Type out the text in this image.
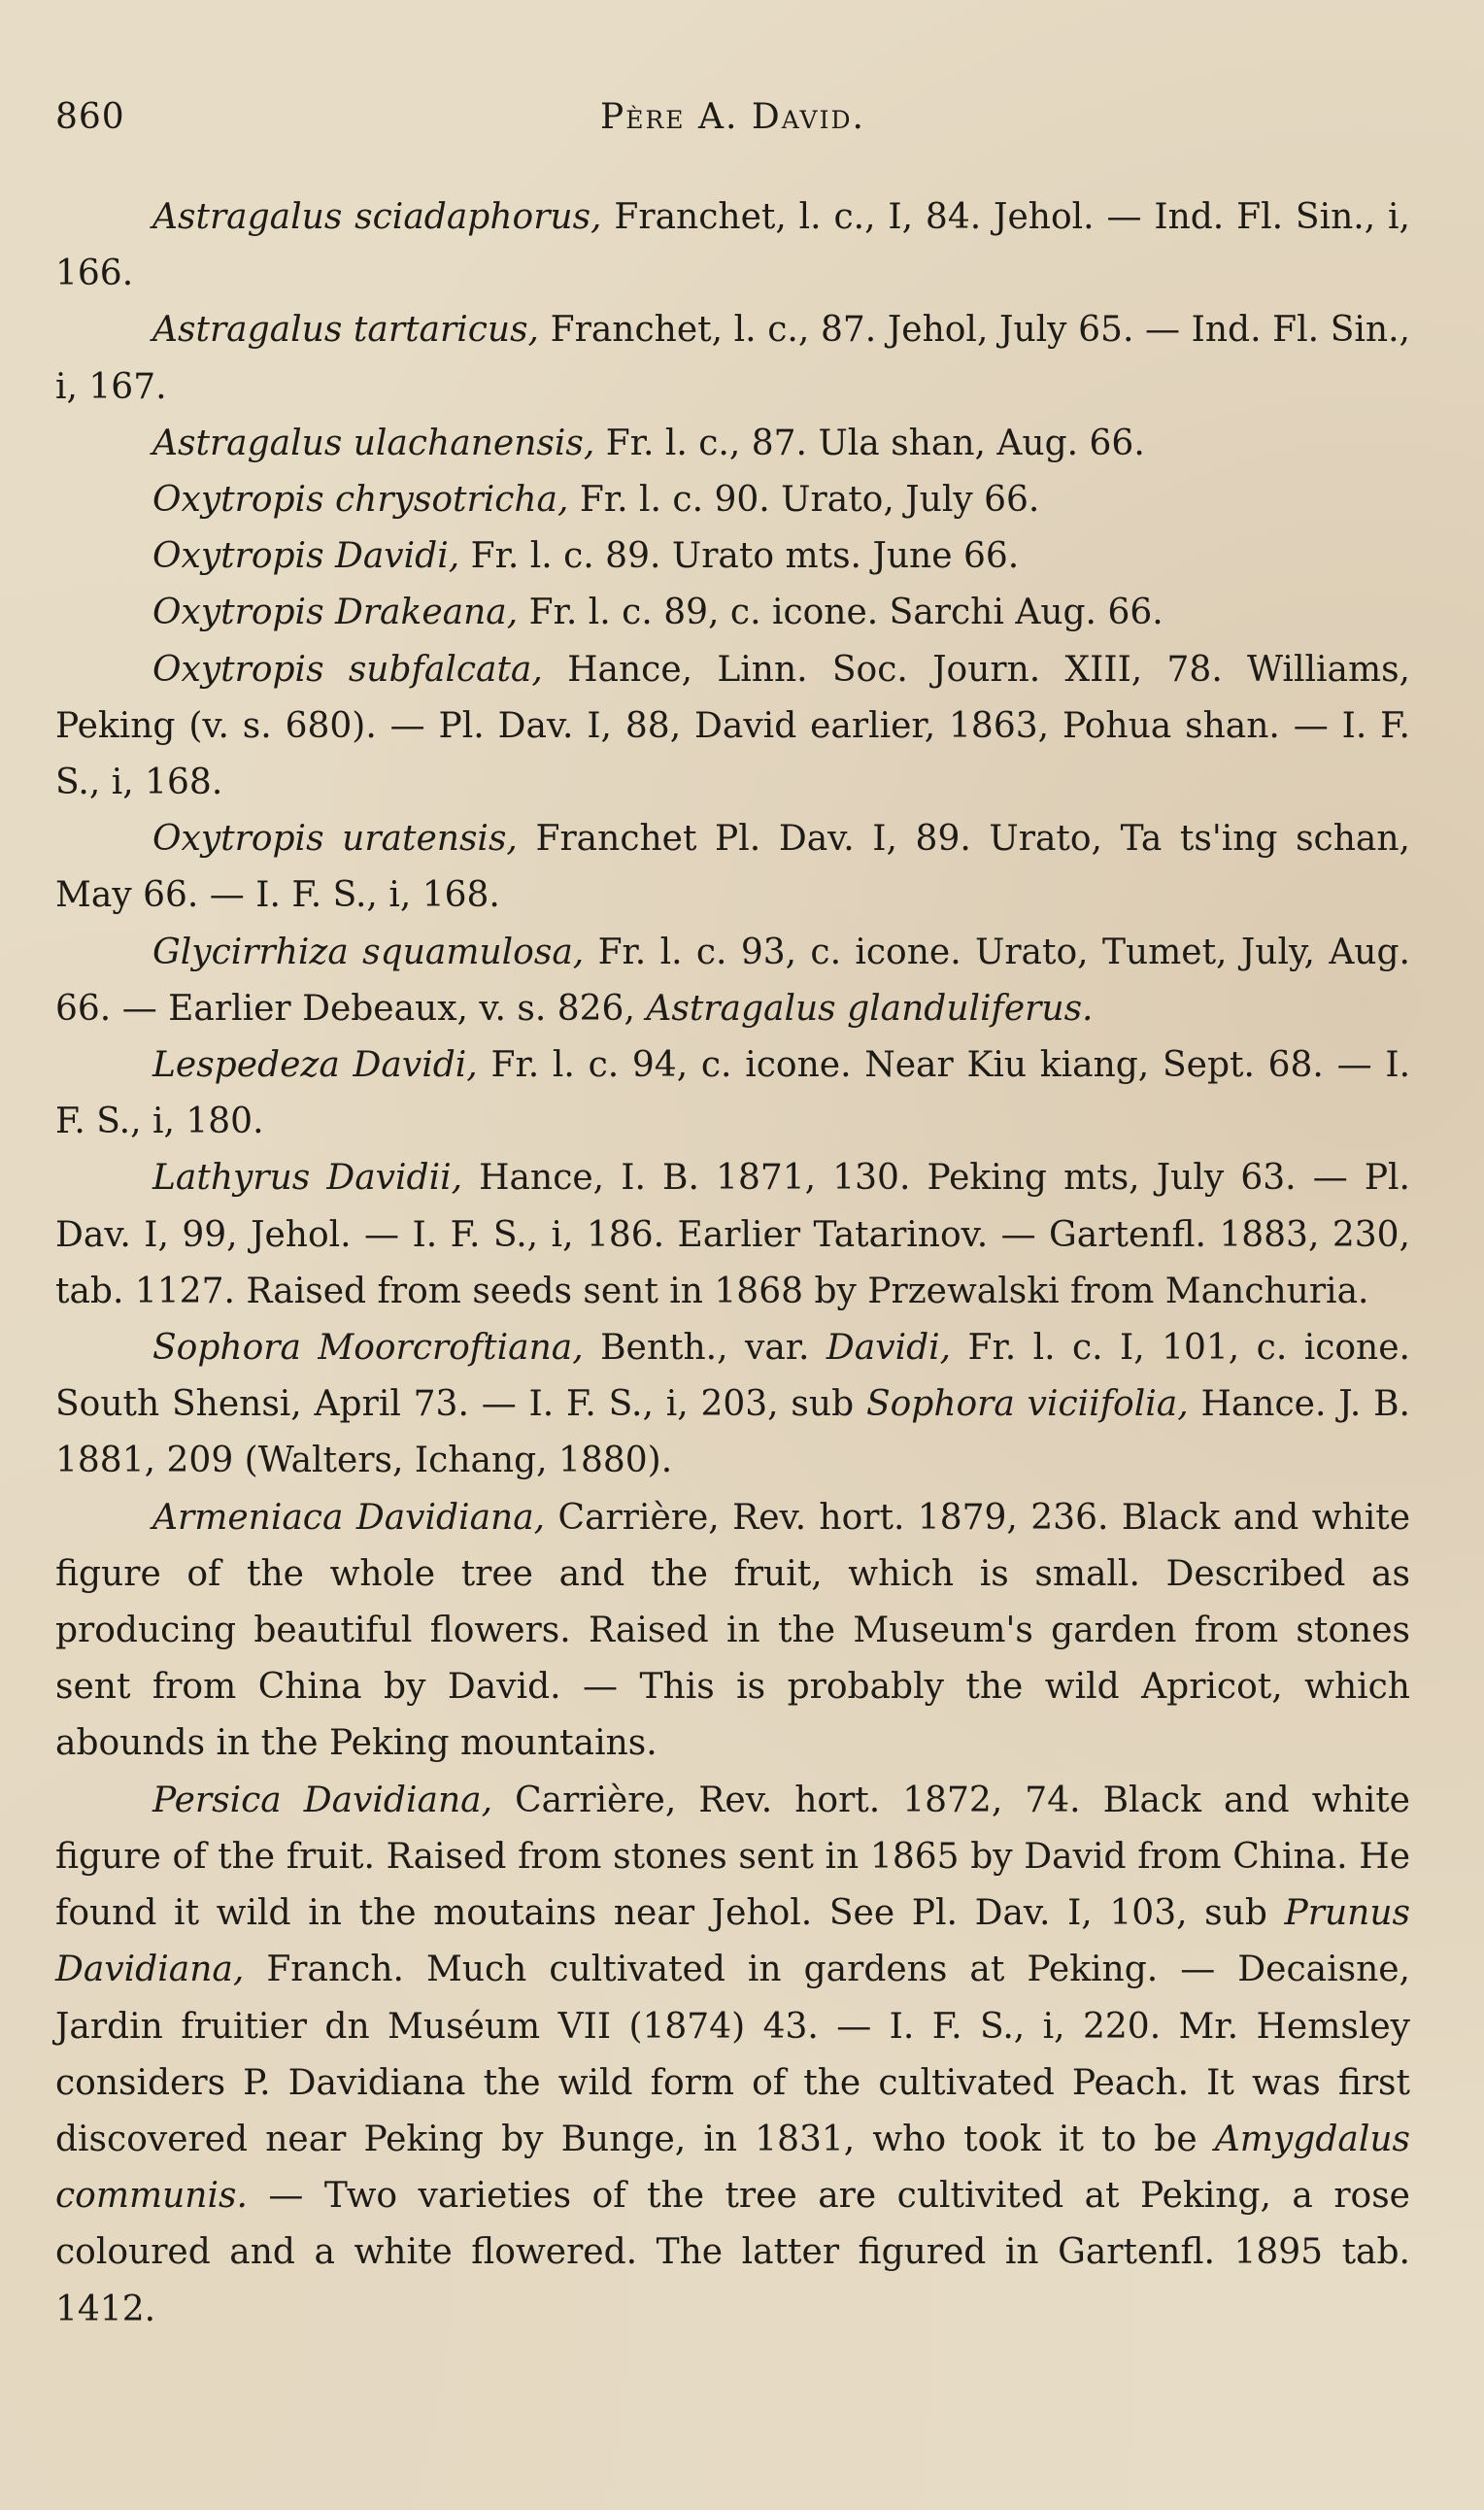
860	Père A. David.

Astragalus sciadaphorus, Franchet, l. c., I, 84. Jehol. — Ind. Fl. Sin., i, 166.

Astragalus tartaricus, Franchet, l. c., 87. Jehol, July 65. — Ind. Fl. Sin., i, 167.

Astragalus ulachanensis, Fr. l. c., 87. Ula shan, Aug. 66.

Oxytropis chrysotricha, Fr. l. c. 90. Urato, July 66.

Oxytropis Davidi, Fr. l. c. 89. Urato mts. June 66.

Oxytropis Drakeana, Fr. l. c. 89, c. icone. Sarchi Aug. 66.

Oxytropis subfalcata, Hance, Linn. Soc. Journ. XIII, 78. Williams, Peking (v. s. 680). — Pl. Dav. I, 88, David earlier, 1863, Pohua shan. — I. F. S., i, 168.

Oxytropis uratensis, Franchet Pl. Dav. I, 89. Urato, Ta ts'ing schan, May 66. — I. F. S., i, 168.

Glycirrhiza squamulosa, Fr. l. c. 93, c. icone. Urato, Tumet, July, Aug. 66. — Earlier Debeaux, v. s. 826, Astragalus glanduliferus.

Lespedeza Davidi, Fr. l. c. 94, c. icone. Near Kiu kiang, Sept. 68. — I. F. S., i, 180.

Lathyrus Davidii, Hance, I. B. 1871, 130. Peking mts, July 63. — Pl. Dav. I, 99, Jehol. — I. F. S., i, 186. Earlier Tatarinov. — Gartenfl. 1883, 230, tab. 1127. Raised from seeds sent in 1868 by Przewalski from Manchuria.

Sophora Moorcroftiana, Benth., var. Davidi, Fr. l. c. I, 101, c. icone. South Shensi, April 73. — I. F. S., i, 203, sub Sophora viciifolia, Hance. J. B. 1881, 209 (Walters, Ichang, 1880).

Armeniaca Davidiana, Carrière, Rev. hort. 1879, 236. Black and white figure of the whole tree and the fruit, which is small. Described as producing beautiful flowers. Raised in the Museum's garden from stones sent from China by David. — This is probably the wild Apricot, which abounds in the Peking mountains.

Persica Davidiana, Carrière, Rev. hort. 1872, 74. Black and white figure of the fruit. Raised from stones sent in 1865 by David from China. He found it wild in the moutains near Jehol. See Pl. Dav. I, 103, sub Prunus Davidiana, Franch. Much cultivated in gardens at Peking. — Decaisne, Jardin fruitier dn Muséum VII (1874) 43. — I. F. S., i, 220. Mr. Hemsley considers P. Davidiana the wild form of the cultivated Peach. It was first discovered near Peking by Bunge, in 1831, who took it to be Amygdalus communis. — Two varieties of the tree are cultivited at Peking, a rose coloured and a white flowered. The latter figured in Gartenfl. 1895 tab. 1412.
